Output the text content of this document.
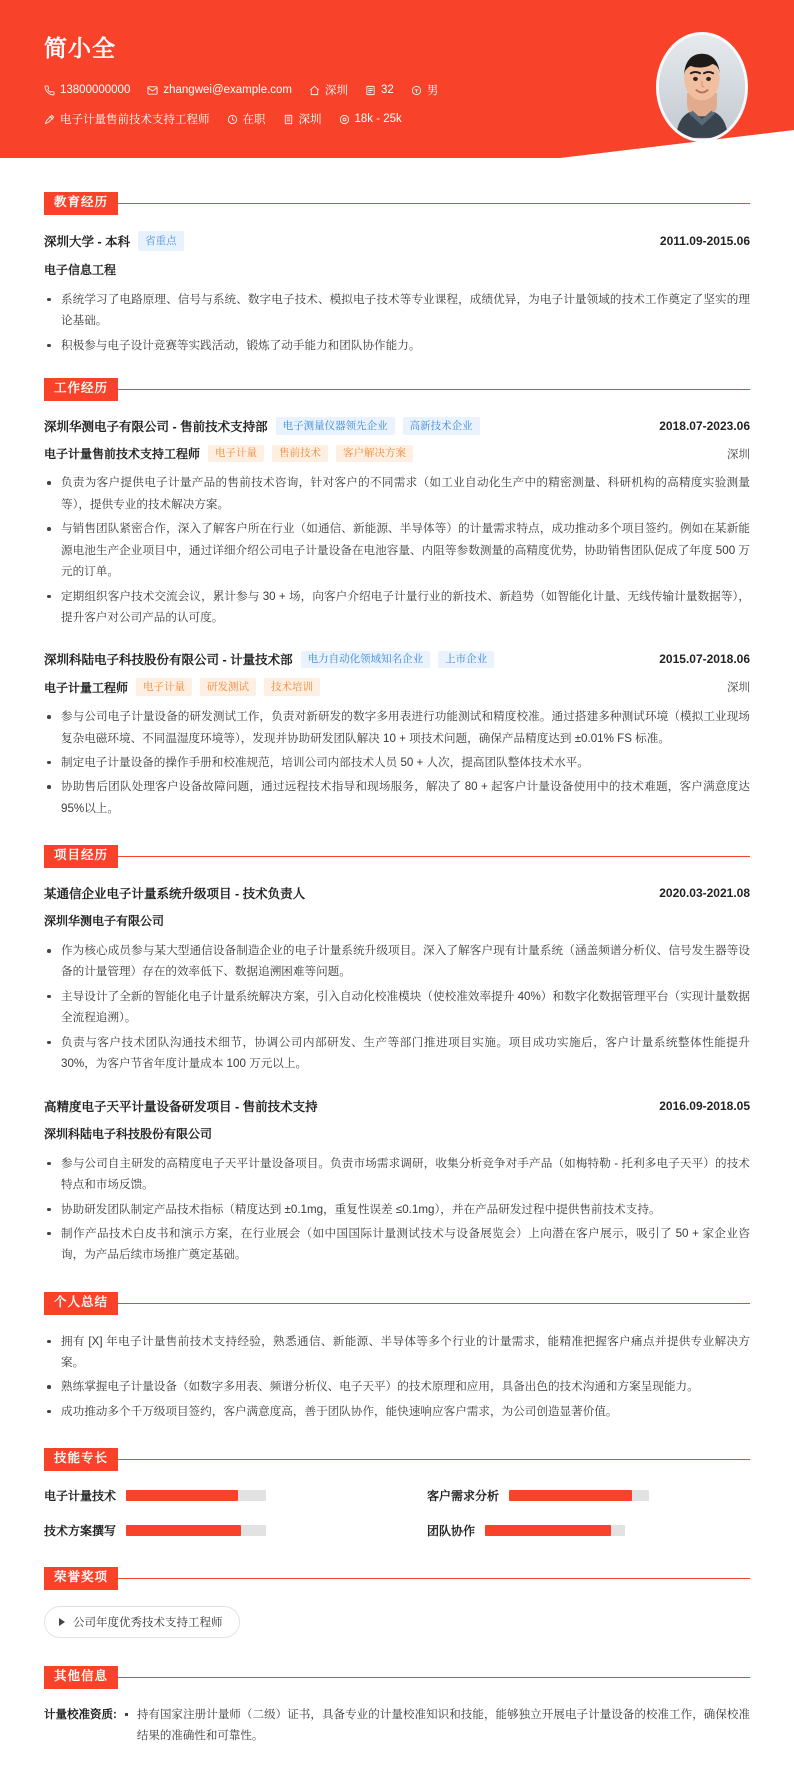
简小全
13800000000	zhangwei@example.com	深圳	32	男
电子计量售前技术支持工程师	在职	深圳	18k - 25k
教育经历
深圳大学 - 本科	省重点	2011.09-2015.06
电子信息工程
系统学习了电路原理、信号与系统、数字电子技术、模拟电子技术等专业课程，成绩优异，为电子计量领域的技术工作奠定了坚实的理论基础。
积极参与电子设计竞赛等实践活动，锻炼了动手能力和团队协作能力。
工作经历
深圳华测电子有限公司 - 售前技术支持部	电子测量仪器领先企业	高新技术企业	2018.07-2023.06
电子计量售前技术支持工程师	电子计量	售前技术	客户解决方案	深圳
负责为客户提供电子计量产品的售前技术咨询，针对客户的不同需求（如工业自动化生产中的精密测量、科研机构的高精度实验测量等），提供专业的技术解决方案。
与销售团队紧密合作，深入了解客户所在行业（如通信、新能源、半导体等）的计量需求特点，成功推动多个项目签约。例如在某新能源电池生产企业项目中，通过详细介绍公司电子计量设备在电池容量、内阻等参数测量的高精度优势，协助销售团队促成了年度 500 万元的订单。
定期组织客户技术交流会议，累计参与 30 + 场，向客户介绍电子计量行业的新技术、新趋势（如智能化计量、无线传输计量数据等），提升客户对公司产品的认可度。
深圳科陆电子科技股份有限公司 - 计量技术部	电力自动化领域知名企业	上市企业	2015.07-2018.06
电子计量工程师	电子计量	研发测试	技术培训	深圳
参与公司电子计量设备的研发测试工作，负责对新研发的数字多用表进行功能测试和精度校准。通过搭建多种测试环境（模拟工业现场复杂电磁环境、不同温湿度环境等），发现并协助研发团队解决 10 + 项技术问题，确保产品精度达到 ±0.01% FS 标准。
制定电子计量设备的操作手册和校准规范，培训公司内部技术人员 50 + 人次，提高团队整体技术水平。
协助售后团队处理客户设备故障问题，通过远程技术指导和现场服务，解决了 80 + 起客户计量设备使用中的技术难题，客户满意度达 95%以上。
项目经历
某通信企业电子计量系统升级项目 - 技术负责人	2020.03-2021.08
深圳华测电子有限公司
作为核心成员参与某大型通信设备制造企业的电子计量系统升级项目。深入了解客户现有计量系统（涵盖频谱分析仪、信号发生器等设备的计量管理）存在的效率低下、数据追溯困难等问题。
主导设计了全新的智能化电子计量系统解决方案，引入自动化校准模块（使校准效率提升 40%）和数字化数据管理平台（实现计量数据全流程追溯）。
负责与客户技术团队沟通技术细节，协调公司内部研发、生产等部门推进项目实施。项目成功实施后，客户计量系统整体性能提升 30%，为客户节省年度计量成本 100 万元以上。
高精度电子天平计量设备研发项目 - 售前技术支持	2016.09-2018.05
深圳科陆电子科技股份有限公司
参与公司自主研发的高精度电子天平计量设备项目。负责市场需求调研，收集分析竞争对手产品（如梅特勒 - 托利多电子天平）的技术特点和市场反馈。
协助研发团队制定产品技术指标（精度达到 ±0.1mg，重复性误差 ≤0.1mg），并在产品研发过程中提供售前技术支持。
制作产品技术白皮书和演示方案，在行业展会（如中国国际计量测试技术与设备展览会）上向潜在客户展示，吸引了 50 + 家企业咨询，为产品后续市场推广奠定基础。
个人总结
拥有 [X] 年电子计量售前技术支持经验，熟悉通信、新能源、半导体等多个行业的计量需求，能精准把握客户痛点并提供专业解决方案。
熟练掌握电子计量设备（如数字多用表、频谱分析仪、电子天平）的技术原理和应用，具备出色的技术沟通和方案呈现能力。
成功推动多个千万级项目签约，客户满意度高，善于团队协作，能快速响应客户需求，为公司创造显著价值。
技能专长
电子计量技术	客户需求分析
技术方案撰写	团队协作
荣誉奖项
公司年度优秀技术支持工程师
其他信息
计量校准资质:	持有国家注册计量师（二级）证书，具备专业的计量校准知识和技能，能够独立开展电子计量设备的校准工作，确保校准结果的准确性和可靠性。
